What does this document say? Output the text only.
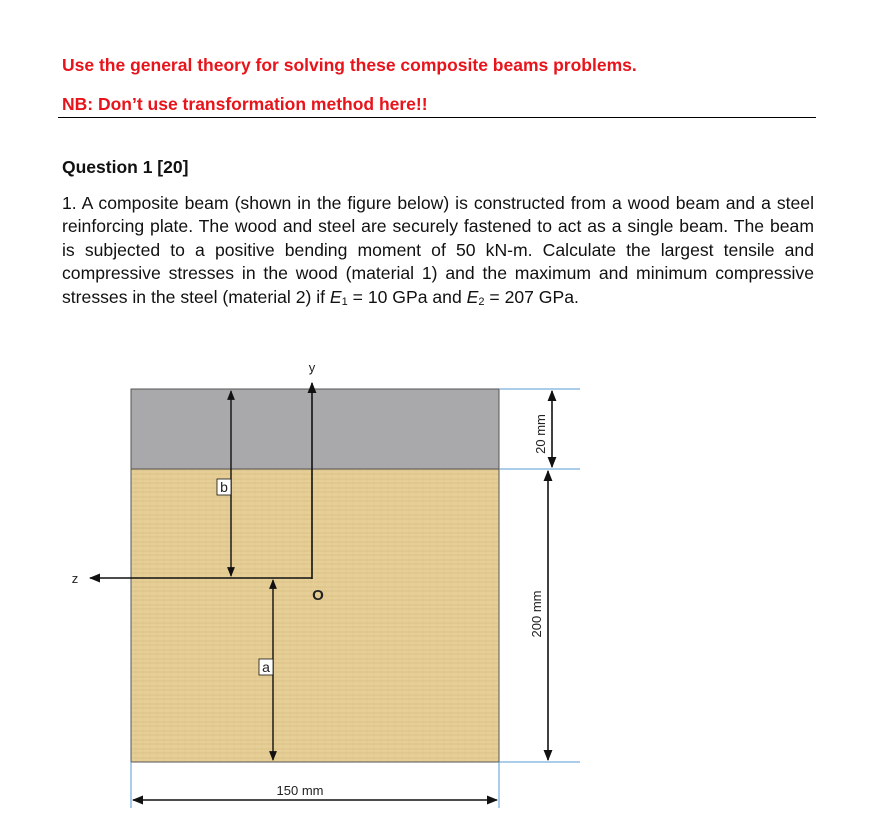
Use the general theory for solving these composite beams problems.
NB: Don’t use transformation method here!!
Question 1 [20]
1. A composite beam (shown in the figure below) is constructed from a wood beam and a steel reinforcing plate. The wood and steel are securely fastened to act as a single beam. The beam is subjected to a positive bending moment of 50 kN-m. Calculate the largest tensile and compressive stresses in the wood (material 1) and the maximum and minimum compressive stresses in the steel (material 2) if $E_1 = 10$ GPa and $E_2 = 207$ GPa.
20 mm
200 mm
150 mm
y
z
O
b
a
